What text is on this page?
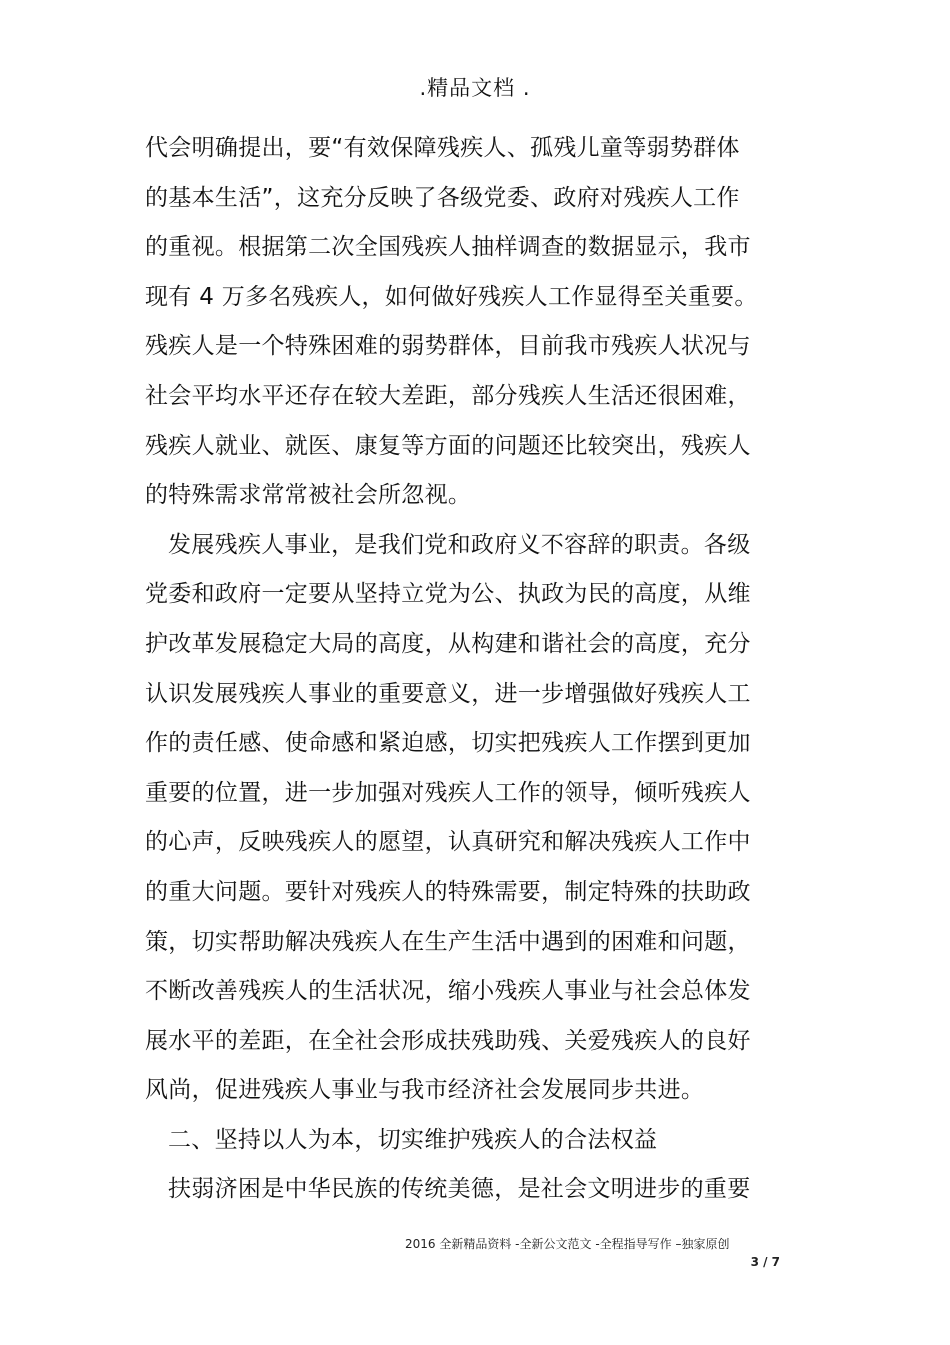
.精品文档 .
代会明确提出，要“有效保障残疾人、孤残儿童等弱势群体
的基本生活”，这充分反映了各级党委、政府对残疾人工作
的重视。根据第二次全国残疾人抽样调查的数据显示，我市
现有 4 万多名残疾人，如何做好残疾人工作显得至关重要。
残疾人是一个特殊困难的弱势群体，目前我市残疾人状况与
社会平均水平还存在较大差距，部分残疾人生活还很困难，
残疾人就业、就医、康复等方面的问题还比较突出，残疾人
的特殊需求常常被社会所忽视。
发展残疾人事业，是我们党和政府义不容辞的职责。各级
党委和政府一定要从坚持立党为公、执政为民的高度，从维
护改革发展稳定大局的高度，从构建和谐社会的高度，充分
认识发展残疾人事业的重要意义，进一步增强做好残疾人工
作的责任感、使命感和紧迫感，切实把残疾人工作摆到更加
重要的位置，进一步加强对残疾人工作的领导，倾听残疾人
的心声，反映残疾人的愿望，认真研究和解决残疾人工作中
的重大问题。要针对残疾人的特殊需要，制定特殊的扶助政
策，切实帮助解决残疾人在生产生活中遇到的困难和问题，
不断改善残疾人的生活状况，缩小残疾人事业与社会总体发
展水平的差距，在全社会形成扶残助残、关爱残疾人的良好
风尚，促进残疾人事业与我市经济社会发展同步共进。
二、坚持以人为本，切实维护残疾人的合法权益
扶弱济困是中华民族的传统美德，是社会文明进步的重要
2016 全新精品资料 -全新公文范文 -全程指导写作 –独家原创
3 / 7
